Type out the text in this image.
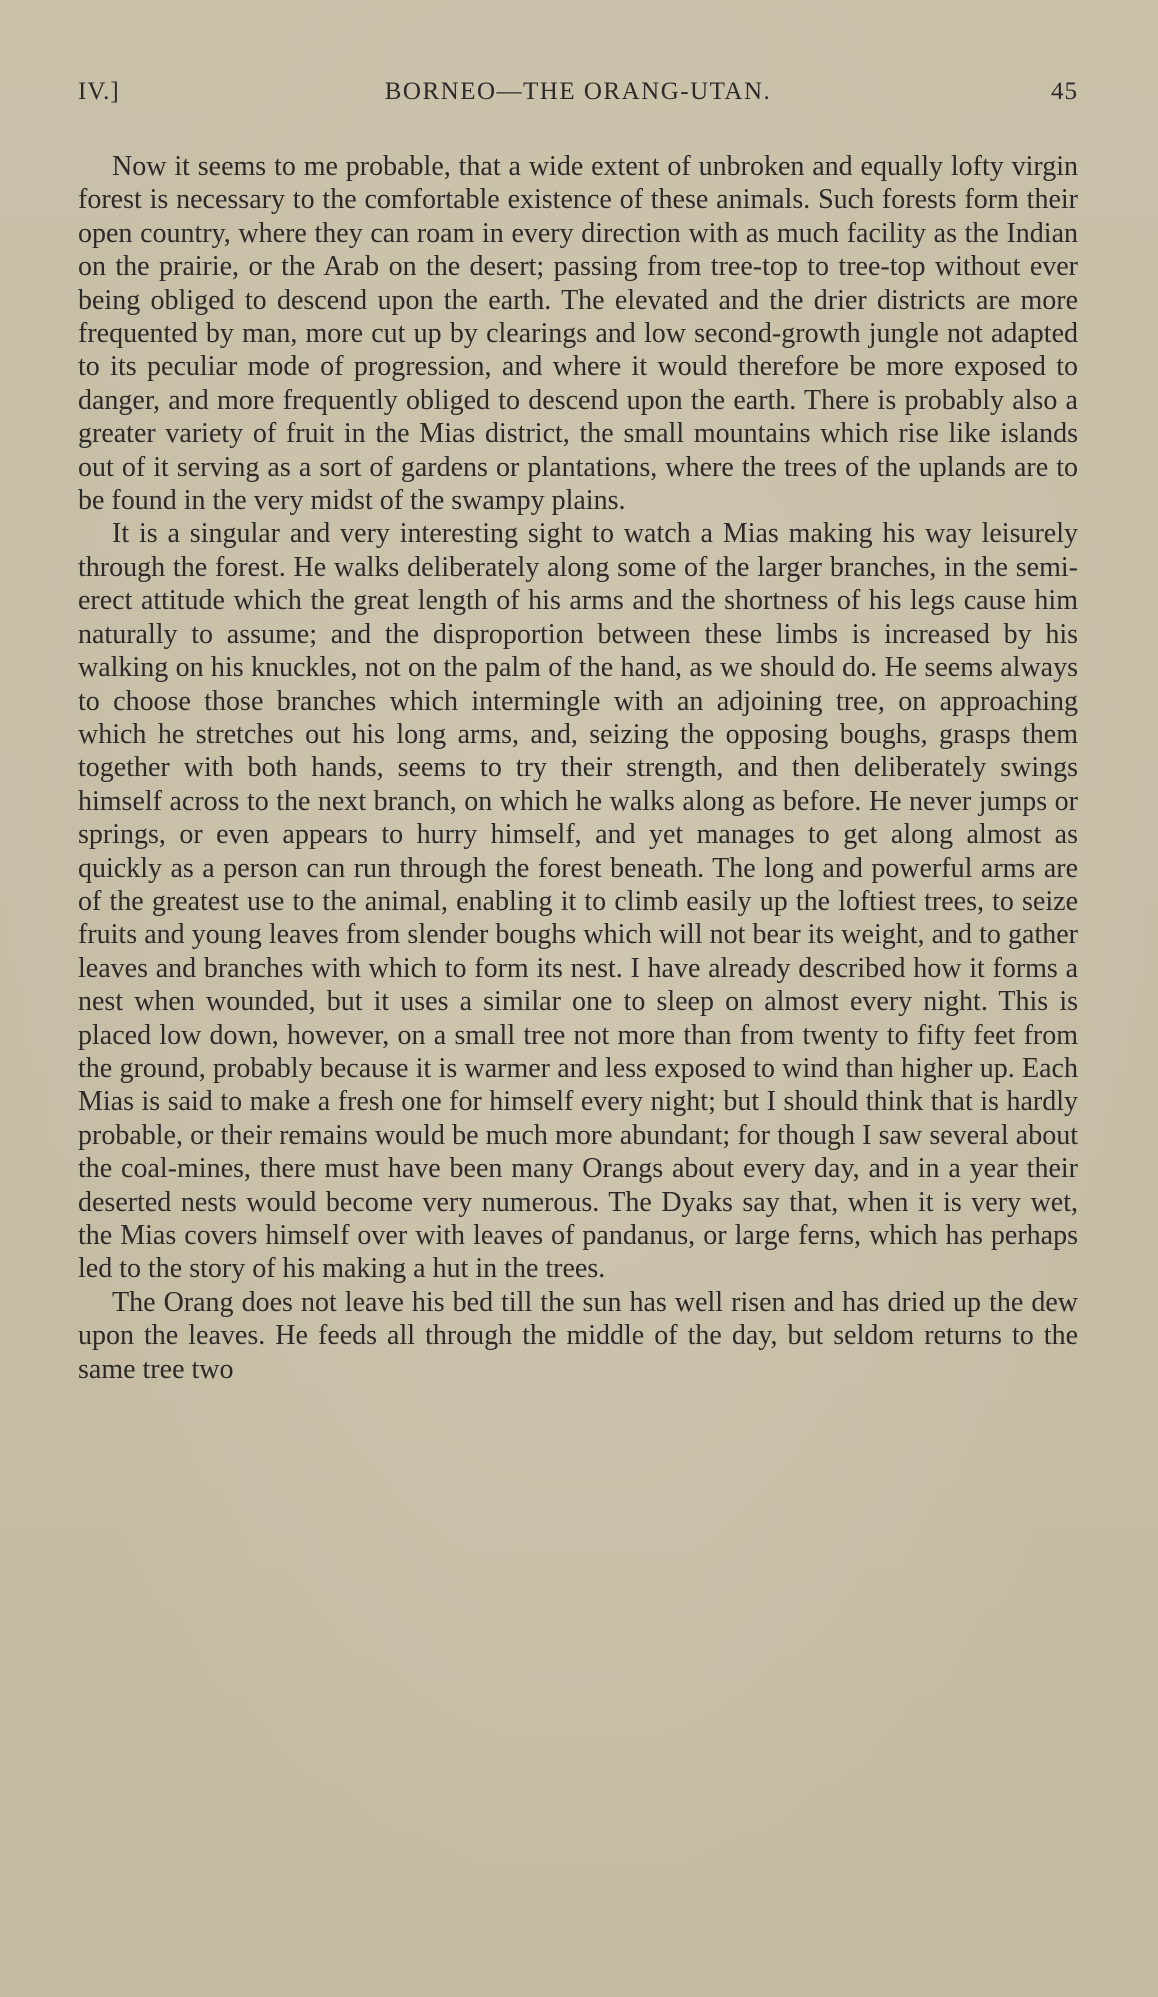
IV.]	BORNEO—THE ORANG-UTAN.	45

Now it seems to me probable, that a wide extent of unbroken and equally lofty virgin forest is necessary to the comfortable existence of these animals. Such forests form their open country, where they can roam in every direction with as much facility as the Indian on the prairie, or the Arab on the desert; passing from tree-top to tree-top without ever being obliged to descend upon the earth. The elevated and the drier districts are more frequented by man, more cut up by clearings and low second-growth jungle not adapted to its peculiar mode of progression, and where it would therefore be more exposed to danger, and more frequently obliged to descend upon the earth. There is probably also a greater variety of fruit in the Mias district, the small mountains which rise like islands out of it serving as a sort of gardens or plantations, where the trees of the uplands are to be found in the very midst of the swampy plains.

It is a singular and very interesting sight to watch a Mias making his way leisurely through the forest. He walks deliberately along some of the larger branches, in the semi-erect attitude which the great length of his arms and the shortness of his legs cause him naturally to assume; and the disproportion between these limbs is increased by his walking on his knuckles, not on the palm of the hand, as we should do. He seems always to choose those branches which intermingle with an adjoining tree, on approaching which he stretches out his long arms, and, seizing the opposing boughs, grasps them together with both hands, seems to try their strength, and then deliberately swings himself across to the next branch, on which he walks along as before. He never jumps or springs, or even appears to hurry himself, and yet manages to get along almost as quickly as a person can run through the forest beneath. The long and powerful arms are of the greatest use to the animal, enabling it to climb easily up the loftiest trees, to seize fruits and young leaves from slender boughs which will not bear its weight, and to gather leaves and branches with which to form its nest. I have already described how it forms a nest when wounded, but it uses a similar one to sleep on almost every night. This is placed low down, however, on a small tree not more than from twenty to fifty feet from the ground, probably because it is warmer and less exposed to wind than higher up. Each Mias is said to make a fresh one for himself every night; but I should think that is hardly probable, or their remains would be much more abundant; for though I saw several about the coal-mines, there must have been many Orangs about every day, and in a year their deserted nests would become very numerous. The Dyaks say that, when it is very wet, the Mias covers himself over with leaves of pandanus, or large ferns, which has perhaps led to the story of his making a hut in the trees.

The Orang does not leave his bed till the sun has well risen and has dried up the dew upon the leaves. He feeds all through the middle of the day, but seldom returns to the same tree two
